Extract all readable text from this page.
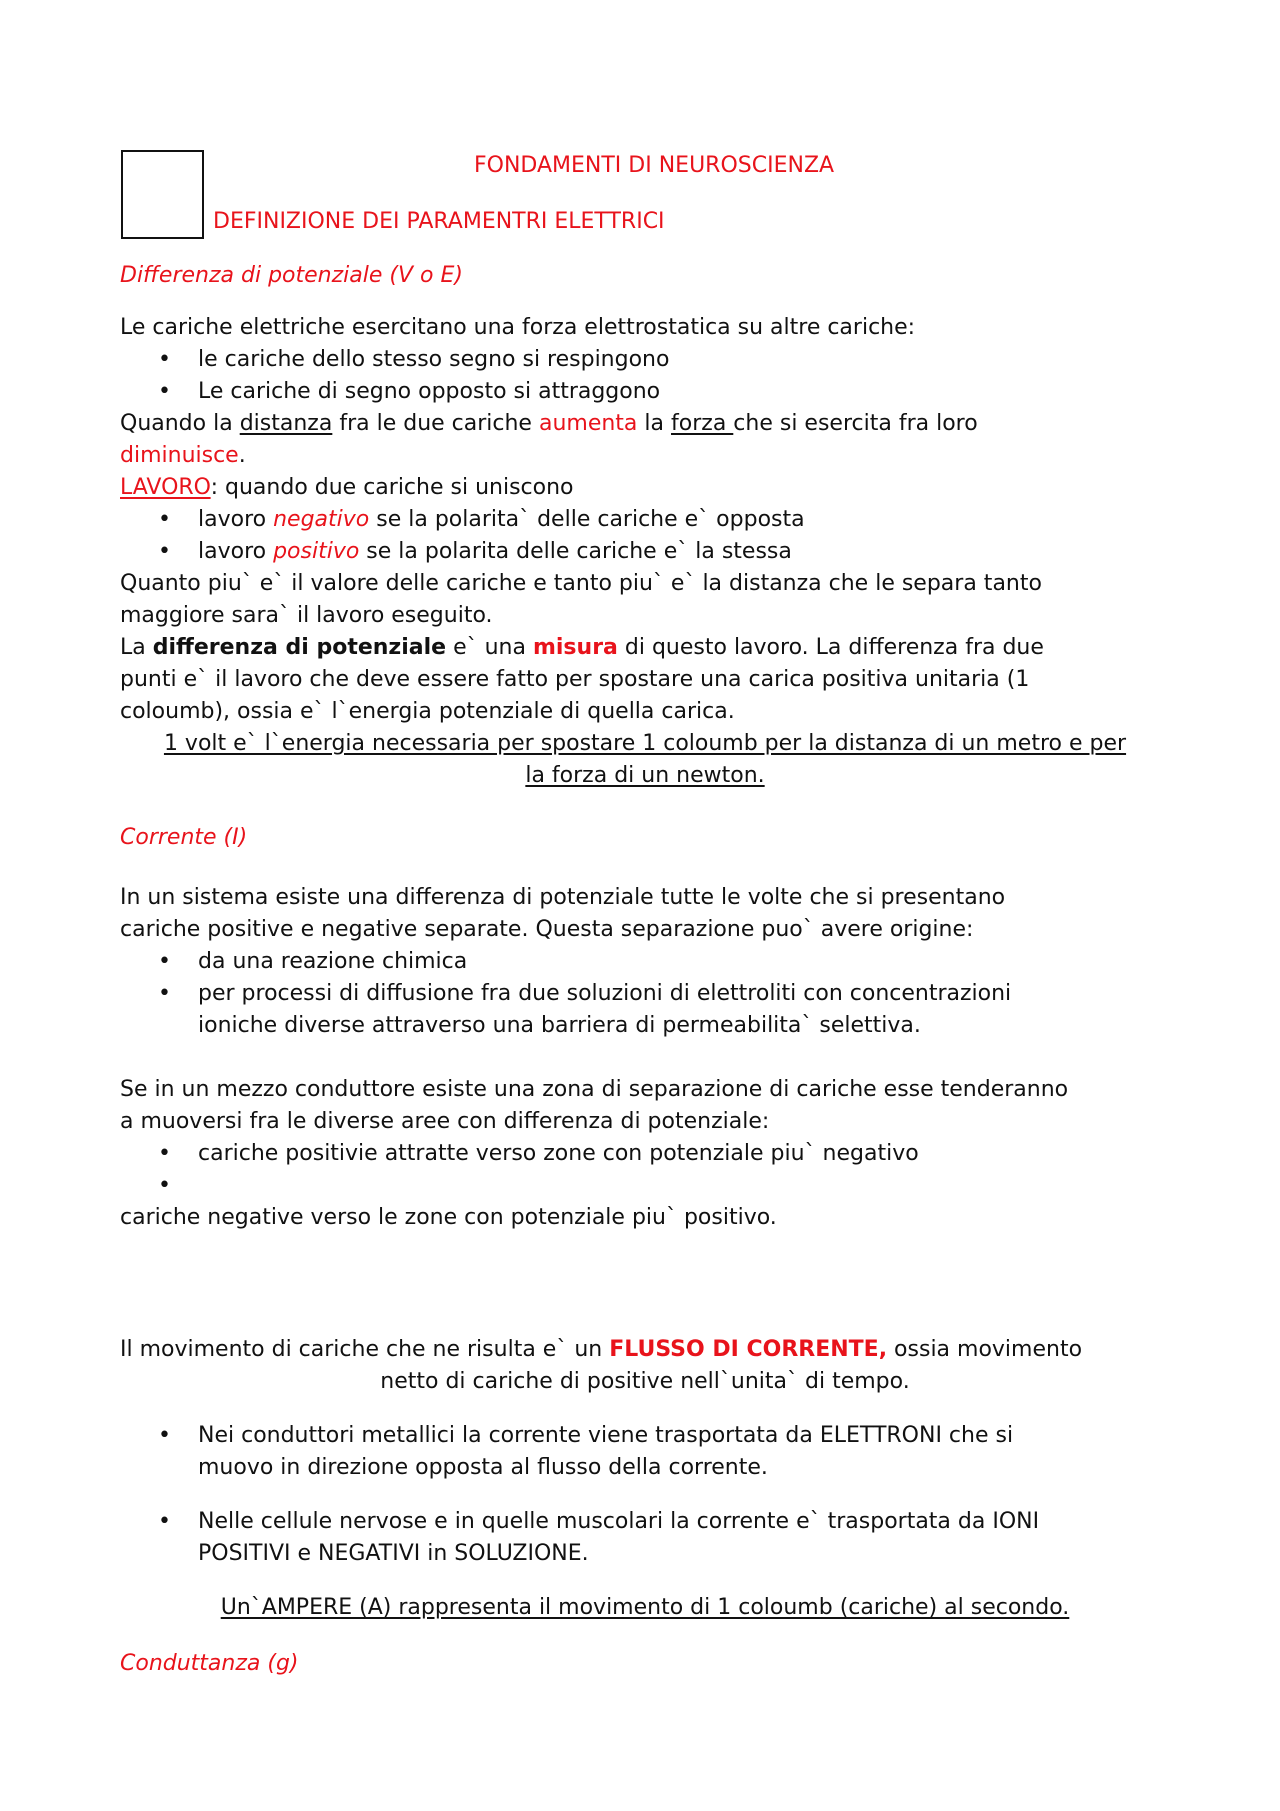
FONDAMENTI DI NEUROSCIENZA
DEFINIZIONE DEI PARAMENTRI ELETTRICI
Differenza di potenziale (V o E)
Le cariche elettriche esercitano una forza elettrostatica su altre cariche:
• le cariche dello stesso segno si respingono
• Le cariche di segno opposto si attraggono
Quando la distanza fra le due cariche aumenta la forza che si esercita fra loro
diminuisce.
LAVORO: quando due cariche si uniscono
• lavoro negativo se la polarita` delle cariche e` opposta
• lavoro positivo se la polarita delle cariche e` la stessa
Quanto piu` e` il valore delle cariche e tanto piu` e` la distanza che le separa tanto
maggiore sara` il lavoro eseguito.
La differenza di potenziale e` una misura di questo lavoro. La differenza fra due
punti e` il lavoro che deve essere fatto per spostare una carica positiva unitaria (1
coloumb), ossia e` l`energia potenziale di quella carica.
1 volt e` l`energia necessaria per spostare 1 coloumb per la distanza di un metro e per
la forza di un newton.
Corrente (I)
In un sistema esiste una differenza di potenziale tutte le volte che si presentano
cariche positive e negative separate. Questa separazione puo` avere origine:
• da una reazione chimica
• per processi di diffusione fra due soluzioni di elettroliti con concentrazioni
ioniche diverse attraverso una barriera di permeabilita` selettiva.
Se in un mezzo conduttore esiste una zona di separazione di cariche esse tenderanno
a muoversi fra le diverse aree con differenza di potenziale:
• cariche positivie attratte verso zone con potenziale piu` negativo
•
cariche negative verso le zone con potenziale piu` positivo.
Il movimento di cariche che ne risulta e` un FLUSSO DI CORRENTE, ossia movimento
netto di cariche di positive nell`unita` di tempo.
• Nei conduttori metallici la corrente viene trasportata da ELETTRONI che si
muovo in direzione opposta al flusso della corrente.
• Nelle cellule nervose e in quelle muscolari la corrente e` trasportata da IONI
POSITIVI e NEGATIVI in SOLUZIONE.
Un`AMPERE (A) rappresenta il movimento di 1 coloumb (cariche) al secondo.
Conduttanza (g)
